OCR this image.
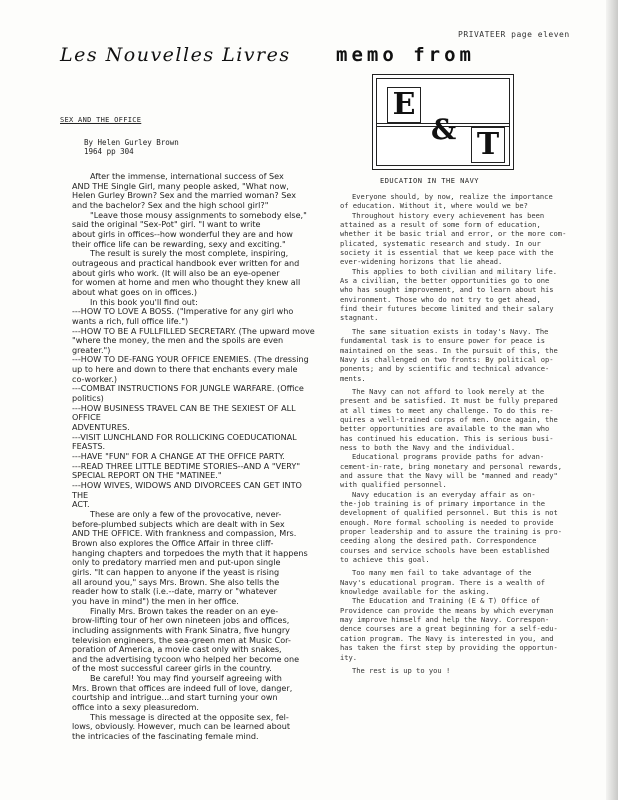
PRIVATEER page eleven
Les Nouvelles Livres memo from
E
& T
SEX AND THE OFFICE
By Helen Gurley Brown
1964 pp 304

After the immense, international success of Sex

AND THE Single Girl, many people asked, "What now,

Helen Gurley Brown? Sex and the married woman? Sex

and the bachelor? Sex and the high school girl?"

"Leave those mousy assignments to somebody else,"

said the original "Sex-Pot" girl. "I want to write

about girls in offices--how wonderful they are and how

their office life can be rewarding, sexy and exciting."

The result is surely the most complete, inspiring,

outrageous and practical handbook ever written for and

about girls who work. (It will also be an eye-opener

for women at home and men who thought they knew all

about what goes on in offices.)

In this book you'll find out:

---HOW TO LOVE A BOSS. ("Imperative for any girl who

wants a rich, full office life.")

---HOW TO BE A FULLFILLED SECRETARY. (The upward move

"where the money, the men and the spoils are even

greater.")

---HOW TO DE-FANG YOUR OFFICE ENEMIES. (The dressing

up to here and down to there that enchants every male

co-worker.)

---COMBAT INSTRUCTIONS FOR JUNGLE WARFARE. (Office

politics)

---HOW BUSINESS TRAVEL CAN BE THE SEXIEST OF ALL OFFICE

ADVENTURES.

---VISIT LUNCHLAND FOR ROLLICKING COEDUCATIONAL FEASTS.

---HAVE "FUN" FOR A CHANGE AT THE OFFICE PARTY.

---READ THREE LITTLE BEDTIME STORIES--AND A "VERY"

SPECIAL REPORT ON THE "MATINEE."

---HOW WIVES, WIDOWS AND DIVORCEES CAN GET INTO THE

ACT.

These are only a few of the provocative, never-

before-plumbed subjects which are dealt with in Sex

AND THE OFFICE. With frankness and compassion, Mrs.

Brown also explores the Office Affair in three cliff-

hanging chapters and torpedoes the myth that it happens

only to predatory married men and put-upon single

girls. "It can happen to anyone if the yeast is rising

all around you," says Mrs. Brown. She also tells the

reader how to stalk (i.e.--date, marry or "whatever

you have in mind") the men in her office.

Finally Mrs. Brown takes the reader on an eye-

brow-lifting tour of her own nineteen jobs and offices,

including assignments with Frank Sinatra, five hungry

television engineers, the sea-green men at Music Cor-

poration of America, a movie cast only with snakes,

and the advertising tycoon who helped her become one

of the most successful career girls in the country.

Be careful! You may find yourself agreeing with

Mrs. Brown that offices are indeed full of love, danger,

courtship and intrigue...and start turning your own

office into a sexy pleasuredom.

This message is directed at the opposite sex, fel-

lows, obviously. However, much can be learned about

the intricacies of the fascinating female mind.

EDUCATION IN THE NAVY

Everyone should, by now, realize the importance

of education. Without it, where would we be?

Throughout history every achievement has been

attained as a result of some form of education,

whether it be basic trial and error, or the more com-

plicated, systematic research and study. In our

society it is essential that we keep pace with the

ever-widening horizons that lie ahead.

This applies to both civilian and military life.

As a civilian, the better opportunities go to one

who has sought improvement, and to learn about his

environment. Those who do not try to get ahead,

find their futures become limited and their salary

stagnant.

The same situation exists in today's Navy. The

fundamental task is to ensure power for peace is

maintained on the seas. In the pursuit of this, the

Navy is challenged on two fronts: By political op-

ponents; and by scientific and technical advance-

ments.

The Navy can not afford to look merely at the

present and be satisfied. It must be fully prepared

at all times to meet any challenge. To do this re-

quires a well-trained corps of men. Once again, the

better opportunities are available to the man who

has continued his education. This is serious busi-

ness to both the Navy and the individual.

Educational programs provide paths for advan-

cement-in-rate, bring monetary and personal rewards,

and assure that the Navy will be "manned and ready"

with qualified personnel.

Navy education is an everyday affair as on-

the-job training is of primary importance in the

development of qualified personnel. But this is not

enough. More formal schooling is needed to provide

proper leadership and to assure the training is pro-

ceeding along the desired path. Correspondence

courses and service schools have been established

to achieve this goal.

Too many men fail to take advantage of the

Navy's educational program. There is a wealth of

knowledge available for the asking.

The Education and Training (E & T) Office of

Providence can provide the means by which everyman

may improve himself and help the Navy. Correspon-

dence courses are a great beginning for a self-edu-

cation program. The Navy is interested in you, and

has taken the first step by providing the opportun-

ity.

The rest is up to you !
